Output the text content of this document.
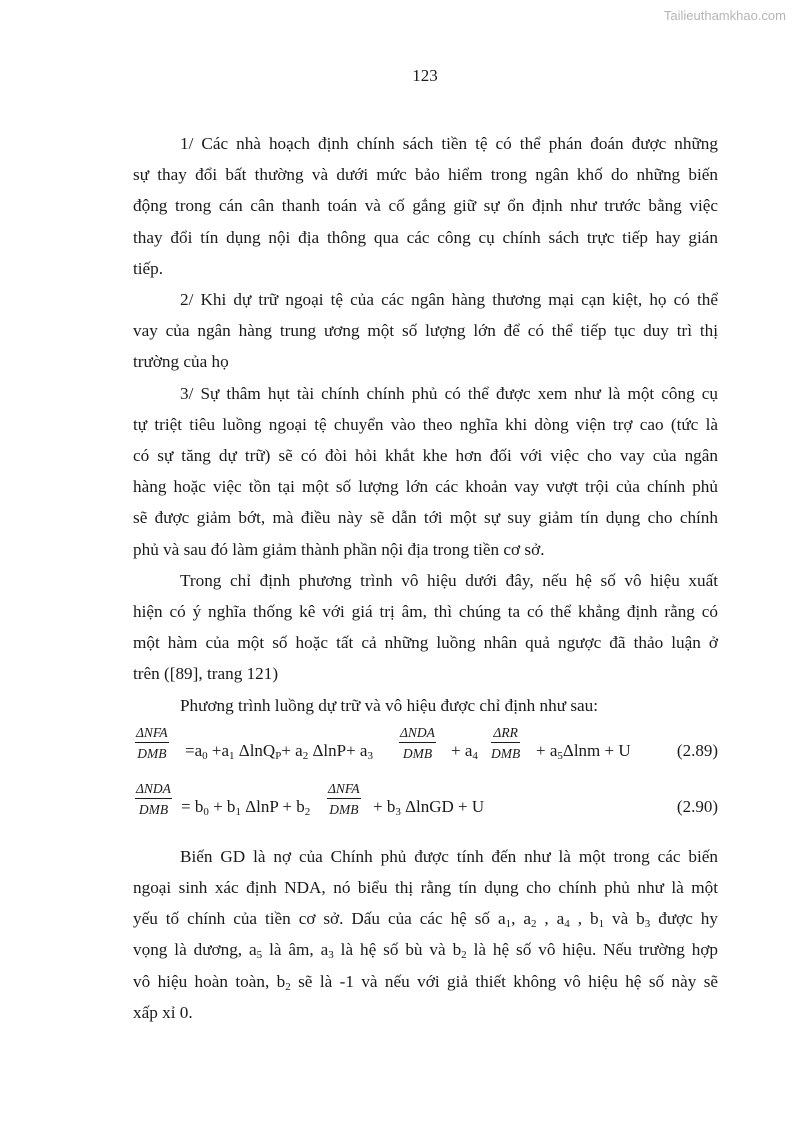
Tailieuthamkhao.com
123

1/ Các nhà hoạch định chính sách tiền tệ có thể phán đoán được những
sự thay đổi bất thường và dưới mức bảo hiểm trong ngân khố do những biến
động trong cán cân thanh toán và cố gắng giữ sự ổn định như trước bằng việc
thay đổi tín dụng nội địa thông qua các công cụ chính sách trực tiếp hay gián
tiếp.

2/ Khi dự trữ ngoại tệ của các ngân hàng thương mại cạn kiệt, họ có thể
vay của ngân hàng trung ương một số lượng lớn để có thể tiếp tục duy trì thị
trường của họ

3/ Sự thâm hụt tài chính chính phủ có thể được xem như là một công cụ
tự triệt tiêu luồng ngoại tệ chuyển vào theo nghĩa khi dòng viện trợ cao (tức là
có sự tăng dự trữ) sẽ có đòi hỏi khắt khe hơn đối với việc cho vay của ngân
hàng hoặc việc tồn tại một số lượng lớn các khoản vay vượt trội của chính phủ
sẽ được giảm bớt, mà điều này sẽ dẫn tới một sự suy giảm tín dụng cho chính
phủ và sau đó làm giảm thành phần nội địa trong tiền cơ sở.

Trong chỉ định phương trình vô hiệu dưới đây, nếu hệ số vô hiệu xuất
hiện có ý nghĩa thống kê với giá trị âm, thì chúng ta có thể khẳng định rằng có
một hàm của một số hoặc tất cả những luồng nhân quả ngược đã thảo luận ở
trên ([89], trang 121)

Phương trình luồng dự trữ và vô hiệu được chỉ định như sau:

ΔNFA
DMB $=a_0 +a_1$ $\Delta\ln Q_P+ a_2$ $\Delta\ln P+ a_3$
ΔNDA
DMB + $a_4$
ΔRR
DMB + $a_5\Delta\ln m + U$	(2.89)
ΔNDA
DMB = $b_0 + b_1$ $\Delta\ln P + b_2$
ΔNFA
DMB + $b_3$ ΔlnGD + U	(2.90)

Biến GD là nợ của Chính phủ được tính đến như là một trong các biến
ngoại sinh xác định NDA, nó biểu thị rằng tín dụng cho chính phủ như là một
yếu tố chính của tiền cơ sở. Dấu của các hệ số $a_1$, $a_2$ , $a_4$ , $b_1$ và $b_3$ được hy
vọng là dương, $a_5$ là âm, $a_3$ là hệ số bù và $b_2$ là hệ số vô hiệu. Nếu trường hợp
vô hiệu hoàn toàn, $b_2$ sẽ là -1 và nếu với giả thiết không vô hiệu hệ số này sẽ
xấp xỉ 0.
